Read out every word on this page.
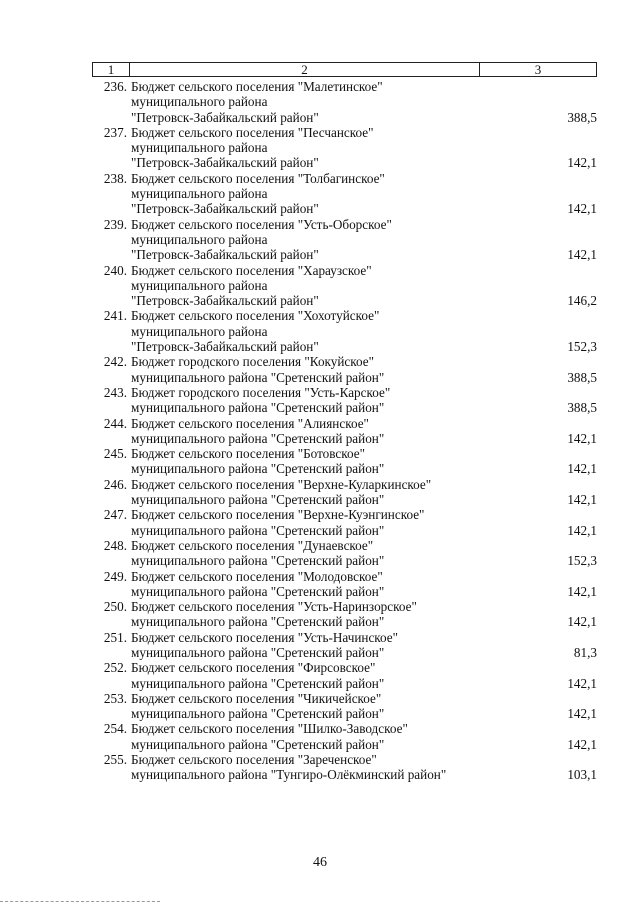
1	2	3
236. Бюджет сельского поселения "Малетинское"
муниципального района
"Петровск-Забайкальский район"	388,5
237. Бюджет сельского поселения "Песчанское"
муниципального района
"Петровск-Забайкальский район"	142,1
238. Бюджет сельского поселения "Толбагинское"
муниципального района
"Петровск-Забайкальский район"	142,1
239. Бюджет сельского поселения "Усть-Оборское"
муниципального района
"Петровск-Забайкальский район"	142,1
240. Бюджет сельского поселения "Хараузское"
муниципального района
"Петровск-Забайкальский район"	146,2
241. Бюджет сельского поселения "Хохотуйское"
муниципального района
"Петровск-Забайкальский район"	152,3
242. Бюджет городского поселения "Кокуйское"
муниципального района "Сретенский район"	388,5
243. Бюджет городского поселения "Усть-Карское"
муниципального района "Сретенский район"	388,5
244. Бюджет сельского поселения "Алиянское"
муниципального района "Сретенский район"	142,1
245. Бюджет сельского поселения "Ботовское"
муниципального района "Сретенский район"	142,1
246. Бюджет сельского поселения "Верхне-Куларкинское"
муниципального района "Сретенский район"	142,1
247. Бюджет сельского поселения "Верхне-Куэнгинское"
муниципального района "Сретенский район"	142,1
248. Бюджет сельского поселения "Дунаевское"
муниципального района "Сретенский район"	152,3
249. Бюджет сельского поселения "Молодовское"
муниципального района "Сретенский район"	142,1
250. Бюджет сельского поселения "Усть-Наринзорское"
муниципального района "Сретенский район"	142,1
251. Бюджет сельского поселения "Усть-Начинское"
муниципального района "Сретенский район"	81,3
252. Бюджет сельского поселения "Фирсовское"
муниципального района "Сретенский район"	142,1
253. Бюджет сельского поселения "Чикичейское"
муниципального района "Сретенский район"	142,1
254. Бюджет сельского поселения "Шилко-Заводское"
муниципального района "Сретенский район"	142,1
255. Бюджет сельского поселения "Зареченское"
муниципального района "Тунгиро-Олёкминский район"	103,1
46
